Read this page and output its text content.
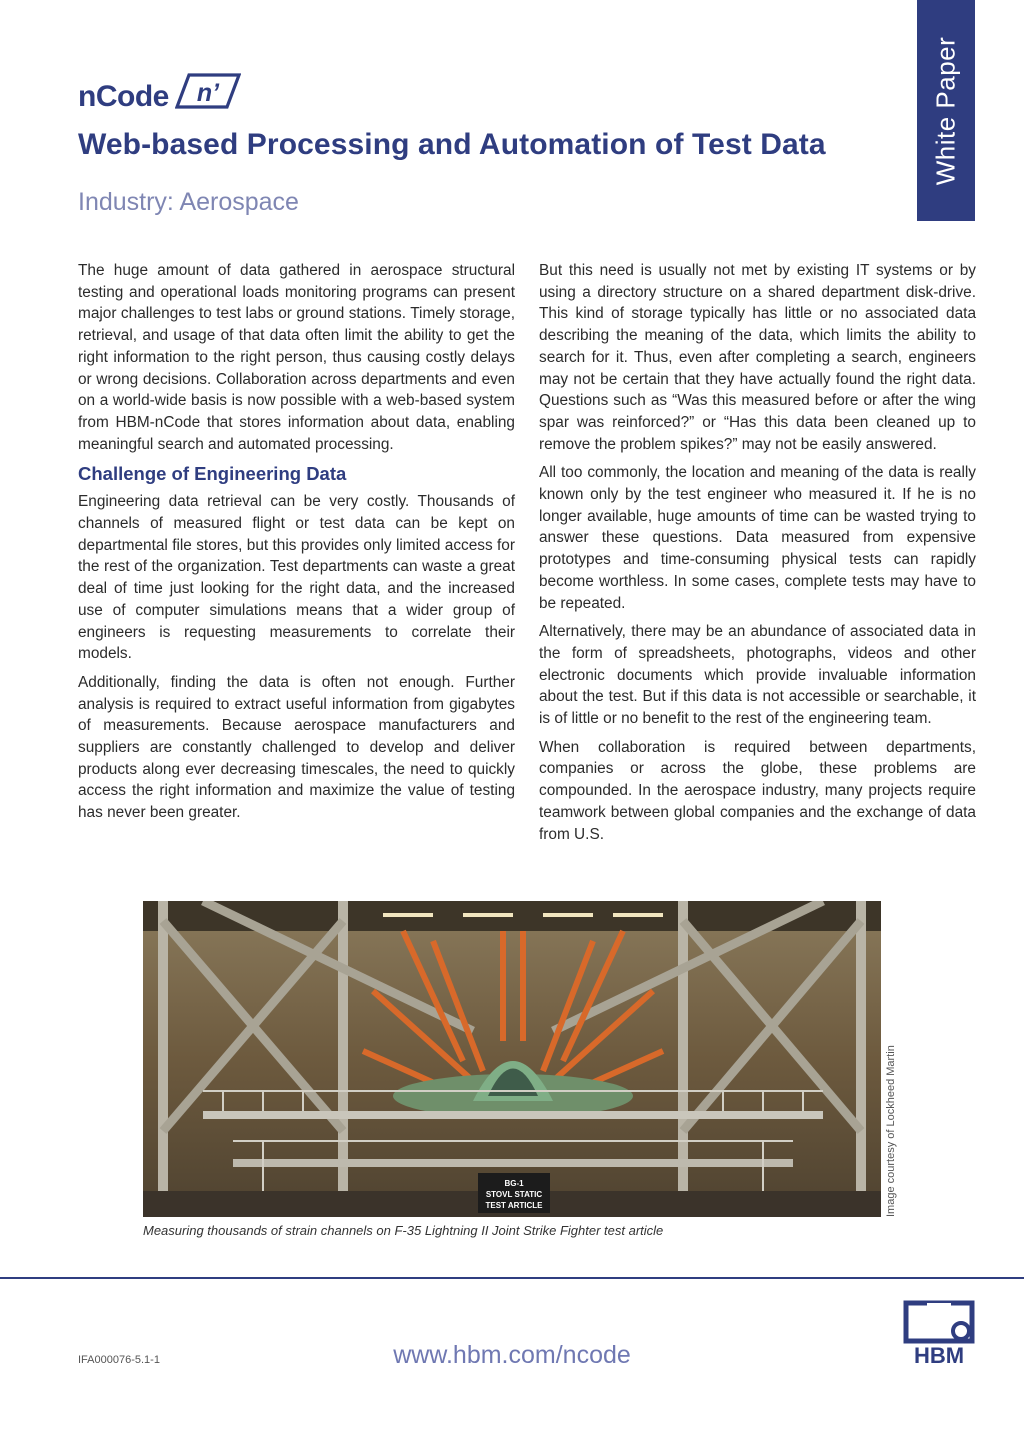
White Paper
nCode n’
Web-based Processing and Automation of Test Data
Industry: Aerospace

The huge amount of data gathered in aerospace structural testing and operational loads monitoring programs can present major challenges to test labs or ground stations. Timely storage, retrieval, and usage of that data often limit the ability to get the right information to the right person, thus causing costly delays or wrong decisions. Collaboration across departments and even on a world-wide basis is now possible with a web-based system from HBM-nCode that stores information about data, enabling meaningful search and automated processing.

Challenge of Engineering Data

Engineering data retrieval can be very costly. Thousands of channels of measured flight or test data can be kept on departmental file stores, but this provides only limited access for the rest of the organization. Test departments can waste a great deal of time just looking for the right data, and the increased use of computer simulations means that a wider group of engineers is requesting measurements to correlate their models.

Additionally, finding the data is often not enough. Further analysis is required to extract useful information from gigabytes of measurements. Because aerospace manufacturers and suppliers are constantly challenged to develop and deliver products along ever decreasing timescales, the need to quickly access the right information and maximize the value of testing has never been greater.

But this need is usually not met by existing IT systems or by using a directory structure on a shared department disk-drive. This kind of storage typically has little or no associated data describing the meaning of the data, which limits the ability to search for it. Thus, even after completing a search, engineers may not be certain that they have actually found the right data. Questions such as “Was this measured before or after the wing spar was reinforced?” or “Has this data been cleaned up to remove the problem spikes?” may not be easily answered.

All too commonly, the location and meaning of the data is really known only by the test engineer who measured it. If he is no longer available, huge amounts of time can be wasted trying to answer these questions. Data measured from expensive prototypes and time-consuming physical tests can rapidly become worthless. In some cases, complete tests may have to be repeated.

Alternatively, there may be an abundance of associated data in the form of spreadsheets, photographs, videos and other electronic documents which provide invaluable information about the test. But if this data is not accessible or searchable, it is of little or no benefit to the rest of the engineering team.

When collaboration is required between departments, companies or across the globe, these problems are compounded. In the aerospace industry, many projects require teamwork between global companies and the exchange of data from U.S.

BG-1
STOVL STATIC
TEST ARTICLE	Image courtesy of Lockheed Martin
Measuring thousands of strain channels on F-35 Lightning II Joint Strike Fighter test article
IFA000076-5.1-1	www.hbm.com/ncode	HBM
